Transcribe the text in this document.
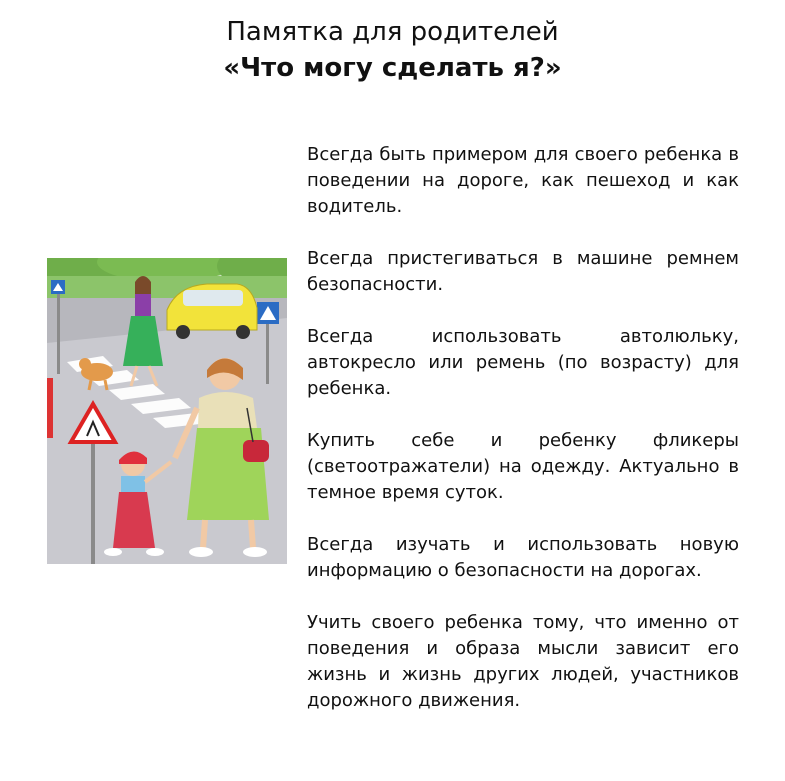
Памятка для родителей
«Что могу сделать я?»

Всегда быть примером для своего ребенка в поведении на дороге, как пешеход и как водитель.

Всегда пристегиваться в машине ремнем безопасности.

Всегда использовать автолюльку, автокресло или ремень (по возрасту) для ребенка.

Купить себе и ребенку фликеры (светоотражатели) на одежду. Актуально в темное время суток.

Всегда изучать и использовать новую информацию о безопасности на дорогах.

Учить своего ребенка тому, что именно от поведения и образа мысли зависит его жизнь и жизнь других людей, участников дорожного движения.
